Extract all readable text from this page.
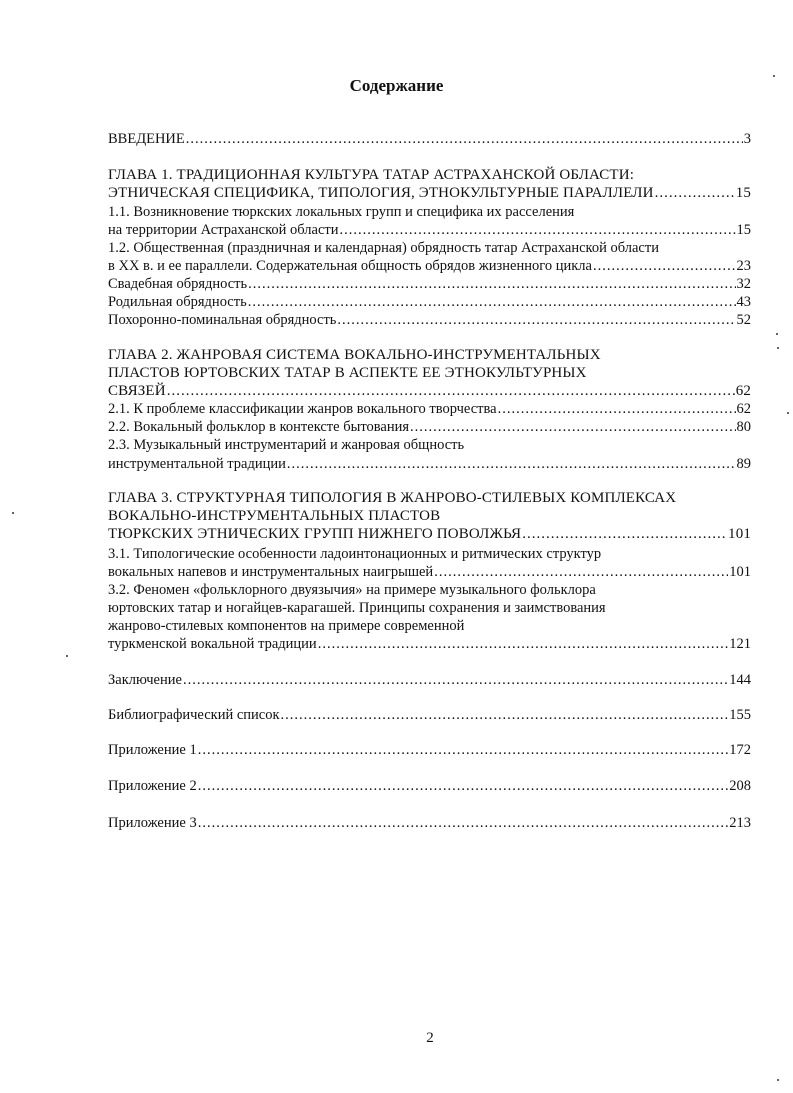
Содержание
ВВЕДЕНИЕ .....	3
ГЛАВА 1. ТРАДИЦИОННАЯ КУЛЬТУРА ТАТАР АСТРАХАНСКОЙ ОБЛАСТИ:
ЭТНИЧЕСКАЯ СПЕЦИФИКА, ТИПОЛОГИЯ, ЭТНОКУЛЬТУРНЫЕ ПАРАЛЛЕЛИ .....	15
1.1. Возникновение тюркских локальных групп и специфика их расселения
на территории Астраханской области .....	15
1.2. Общественная (праздничная и календарная) обрядность татар Астраханской области
в XX в. и ее параллели. Содержательная общность обрядов жизненного цикла .....	23
Свадебная обрядность .....	32
Родильная обрядность .....	43
Похоронно-поминальная обрядность .....	52
ГЛАВА 2. ЖАНРОВАЯ СИСТЕМА ВОКАЛЬНО-ИНСТРУМЕНТАЛЬНЫХ
ПЛАСТОВ ЮРТОВСКИХ ТАТАР В АСПЕКТЕ ЕЕ ЭТНОКУЛЬТУРНЫХ
СВЯЗЕЙ .....	62
2.1. К проблеме классификации жанров вокального творчества .....	62
2.2. Вокальный фольклор в контексте бытования .....	80
2.3. Музыкальный инструментарий и жанровая общность
инструментальной традиции .....	89
ГЛАВА 3. СТРУКТУРНАЯ ТИПОЛОГИЯ В ЖАНРОВО-СТИЛЕВЫХ КОМПЛЕКСАХ
ВОКАЛЬНО-ИНСТРУМЕНТАЛЬНЫХ ПЛАСТОВ
ТЮРКСКИХ ЭТНИЧЕСКИХ ГРУПП НИЖНЕГО ПОВОЛЖЬЯ .....	101
3.1. Типологические особенности ладоинтонационных и ритмических структур
вокальных напевов и инструментальных наигрышей .....	101
3.2. Феномен «фольклорного двуязычия» на примере музыкального фольклора
юртовских татар и ногайцев-карагашей. Принципы сохранения и заимствования
жанрово-стилевых компонентов на примере современной
туркменской вокальной традиции .....	121
Заключение .....	144
Библиографический список .....	155
Приложение 1 .....	172
Приложение 2 .....	208
Приложение 3 .....	213
2
